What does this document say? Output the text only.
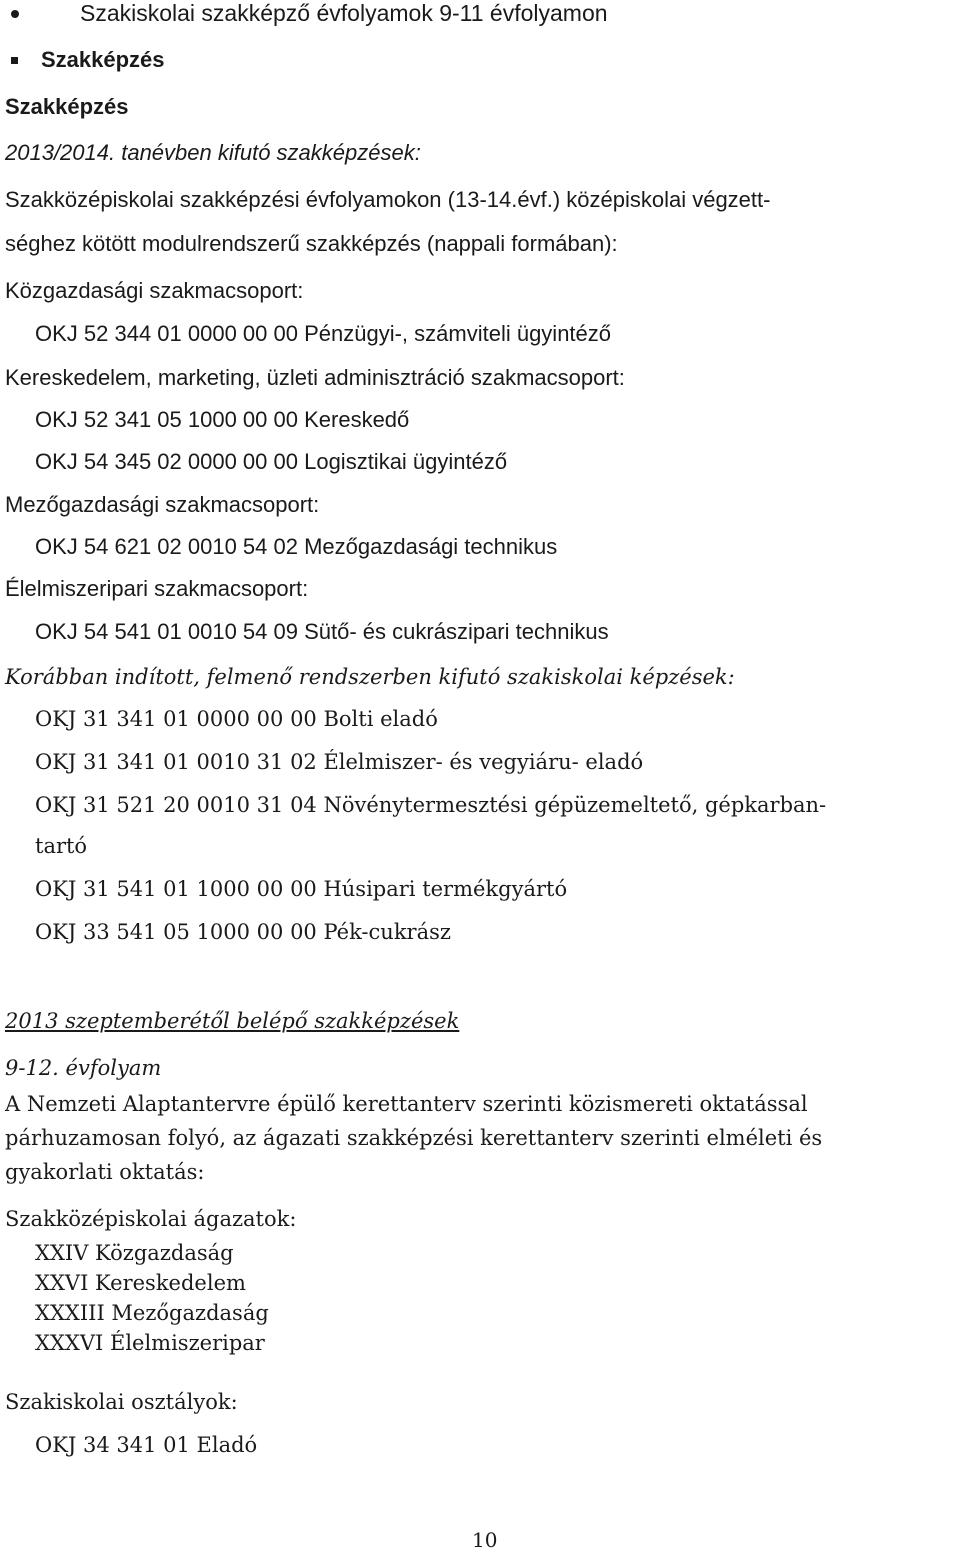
Szakiskolai szakképző évfolyamok 9-11 évfolyamon
Szakképzés
Szakképzés
2013/2014. tanévben kifutó szakképzések:
Szakközépiskolai szakképzési évfolyamokon (13-14.évf.) középiskolai végzett-
séghez kötött modulrendszerű szakképzés (nappali formában):
Közgazdasági szakmacsoport:
OKJ 52 344 01 0000 00 00 Pénzügyi-, számviteli ügyintéző
Kereskedelem, marketing, üzleti adminisztráció szakmacsoport:
OKJ 52 341 05 1000 00 00 Kereskedő
OKJ 54 345 02 0000 00 00 Logisztikai ügyintéző
Mezőgazdasági szakmacsoport:
OKJ 54 621 02 0010 54 02 Mezőgazdasági technikus
Élelmiszeripari szakmacsoport:
OKJ 54 541 01 0010 54 09 Sütő- és cukrászipari technikus
Korábban indított, felmenő rendszerben kifutó szakiskolai képzések:
OKJ 31 341 01 0000 00 00 Bolti eladó
OKJ 31 341 01 0010 31 02 Élelmiszer- és vegyiáru- eladó
OKJ 31 521 20 0010 31 04 Növénytermesztési gépüzemeltető, gépkarban-
tartó
OKJ 31 541 01 1000 00 00 Húsipari termékgyártó
OKJ 33 541 05 1000 00 00 Pék-cukrász
2013 szeptemberétől belépő szakképzések
9-12. évfolyam
A Nemzeti Alaptantervre épülő kerettanterv szerinti közismereti oktatással
párhuzamosan folyó, az ágazati szakképzési kerettanterv szerinti elméleti és
gyakorlati oktatás:
Szakközépiskolai ágazatok:
XXIV Közgazdaság
XXVI Kereskedelem
XXXIII Mezőgazdaság
XXXVI Élelmiszeripar
Szakiskolai osztályok:
OKJ 34 341 01 Eladó
10
